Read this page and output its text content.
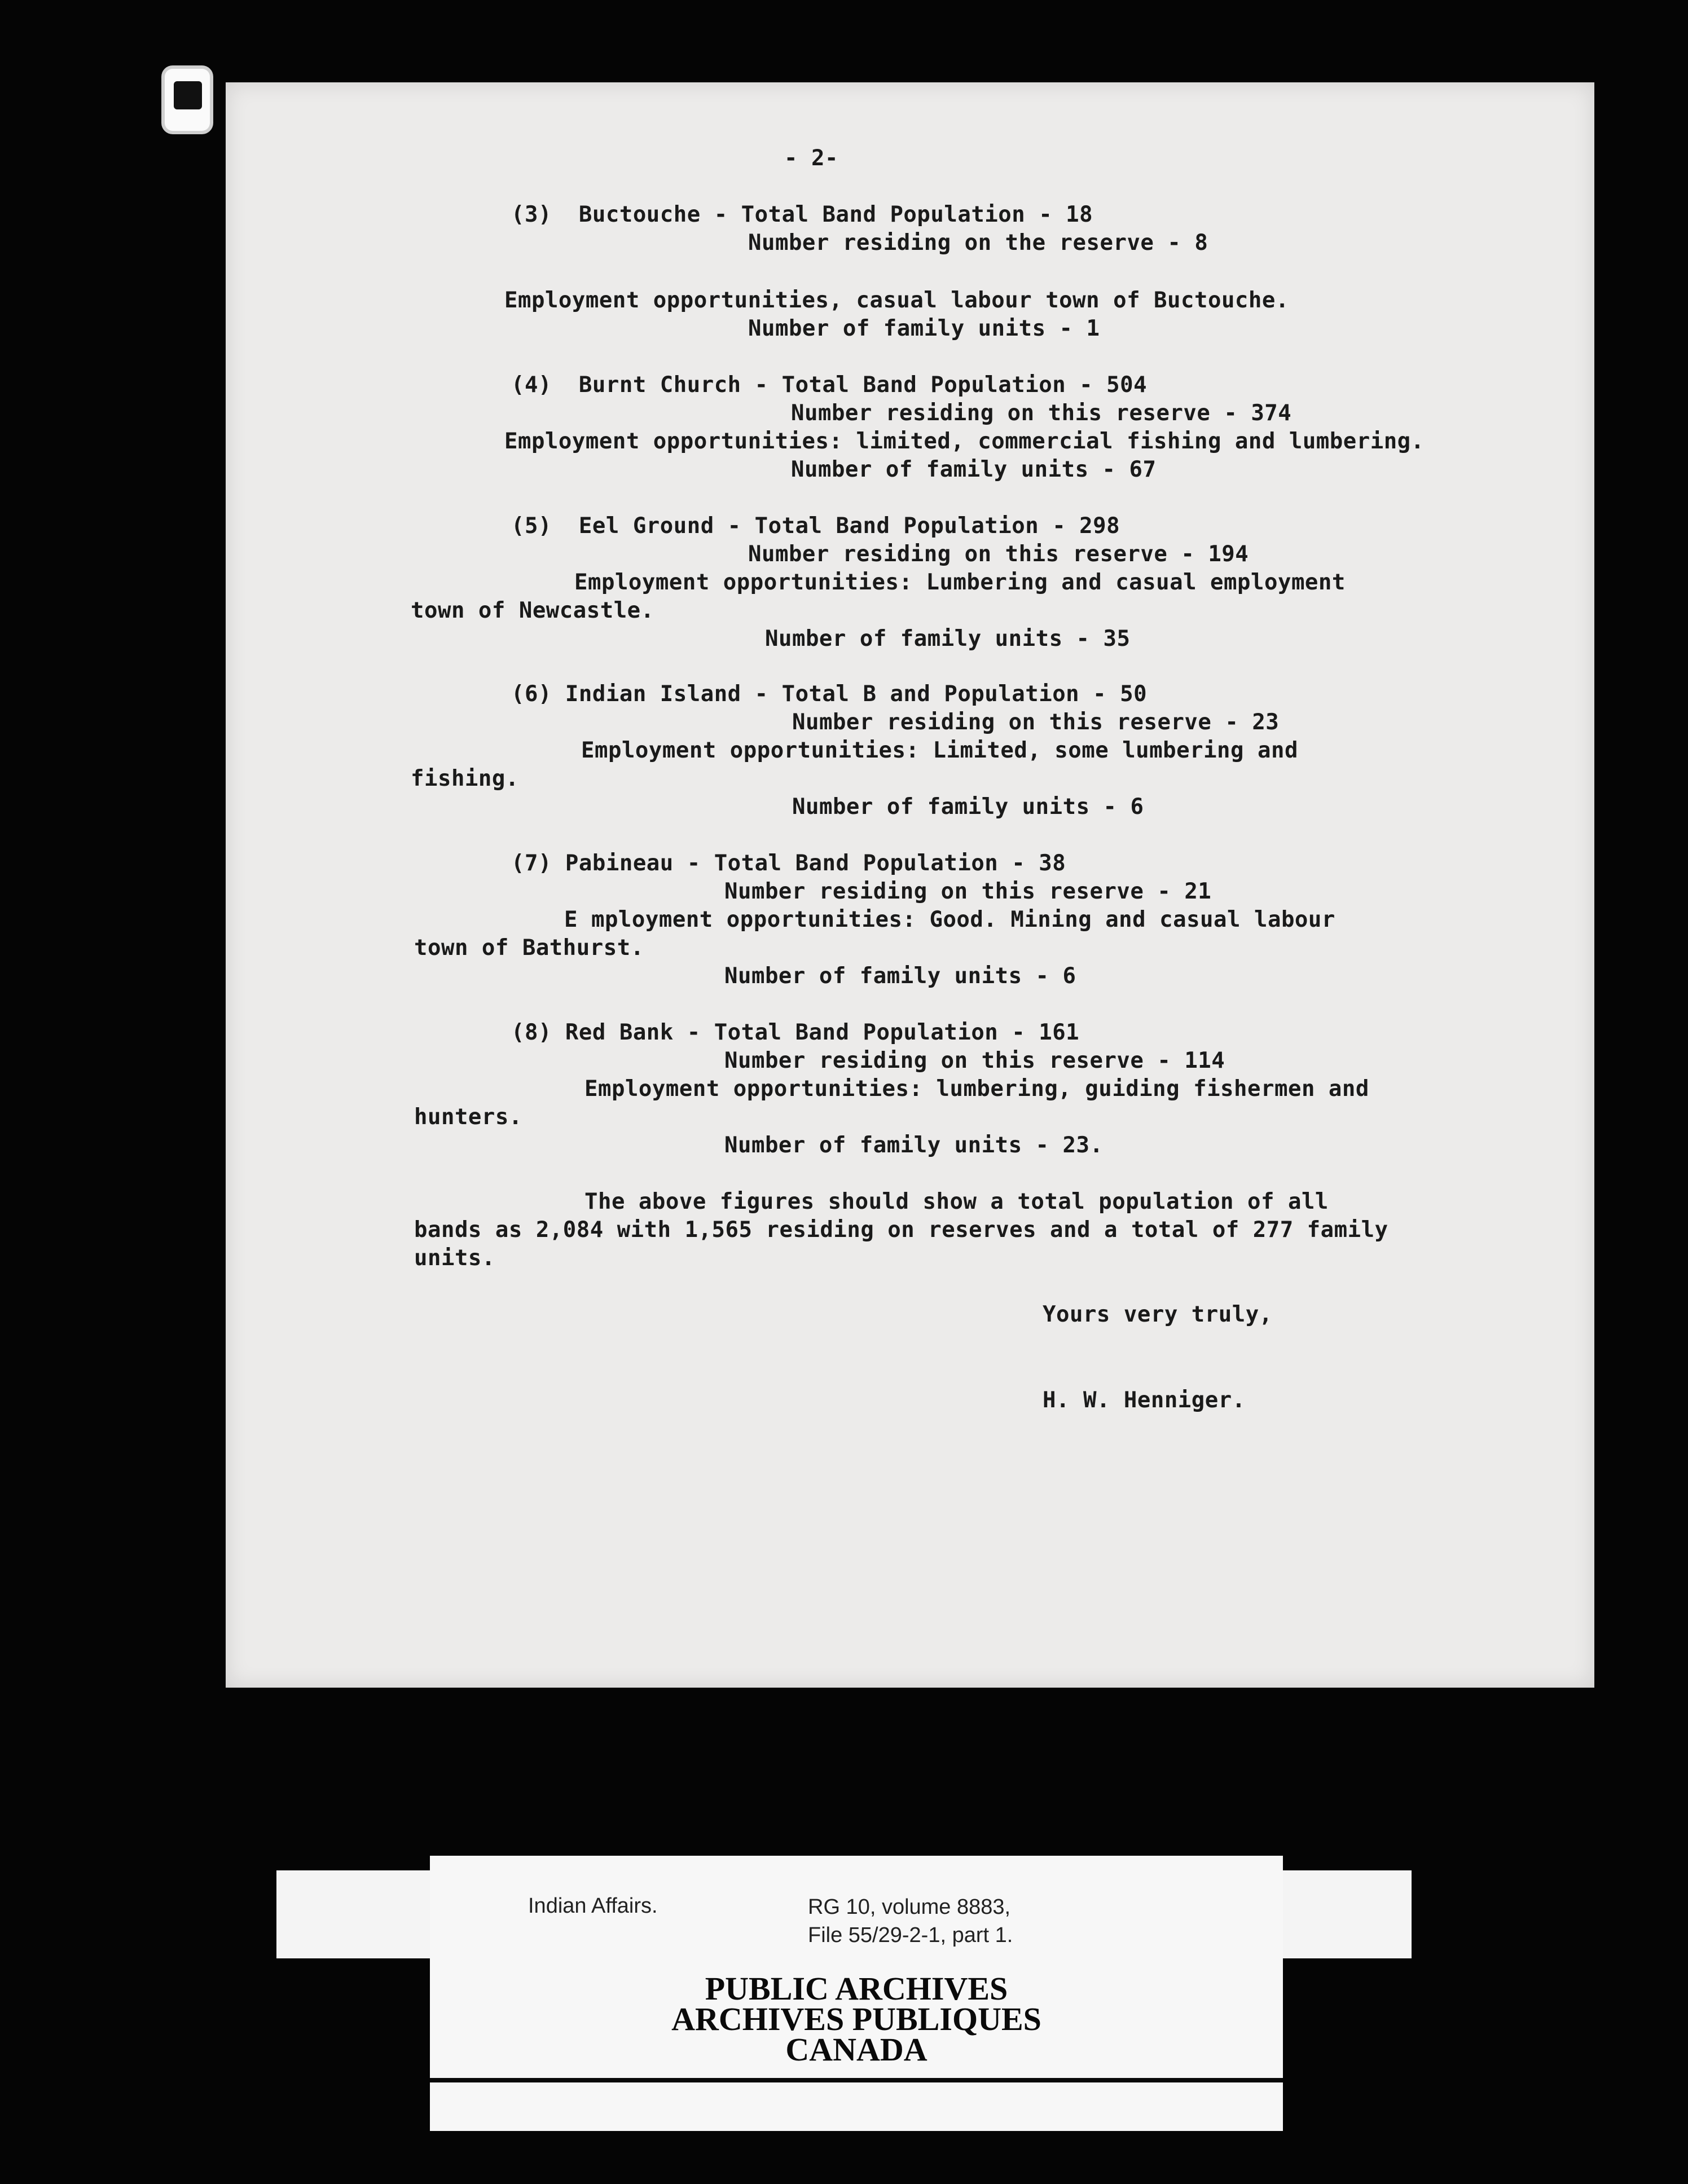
- 2-
(3)  Buctouche - Total Band Population - 18
Number residing on the reserve - 8
Employment opportunities, casual labour town of Buctouche.
Number of family units - 1
(4)  Burnt Church - Total Band Population - 504
Number residing on this reserve - 374
Employment opportunities: limited, commercial fishing and lumbering.
Number of family units - 67
(5)  Eel Ground - Total Band Population - 298
Number residing on this reserve - 194
Employment opportunities: Lumbering and casual employment
town of Newcastle.
Number of family units - 35
(6) Indian Island - Total B and Population - 50
Number residing on this reserve - 23
Employment opportunities: Limited, some lumbering and
fishing.
Number of family units - 6
(7) Pabineau - Total Band Population - 38
Number residing on this reserve - 21
E mployment opportunities: Good. Mining and casual labour
town of Bathurst.
Number of family units - 6
(8) Red Bank - Total Band Population - 161
Number residing on this reserve - 114
Employment opportunities: lumbering, guiding fishermen and
hunters.
Number of family units - 23.
The above figures should show a total population of all
bands as 2,084 with 1,565 residing on reserves and a total of 277 family
units.
Yours very truly,
H. W. Henniger.
Indian Affairs.	RG 10, volume 8883,
File 55/29-2-1, part 1.
PUBLIC ARCHIVES
ARCHIVES PUBLIQUES
CANADA
